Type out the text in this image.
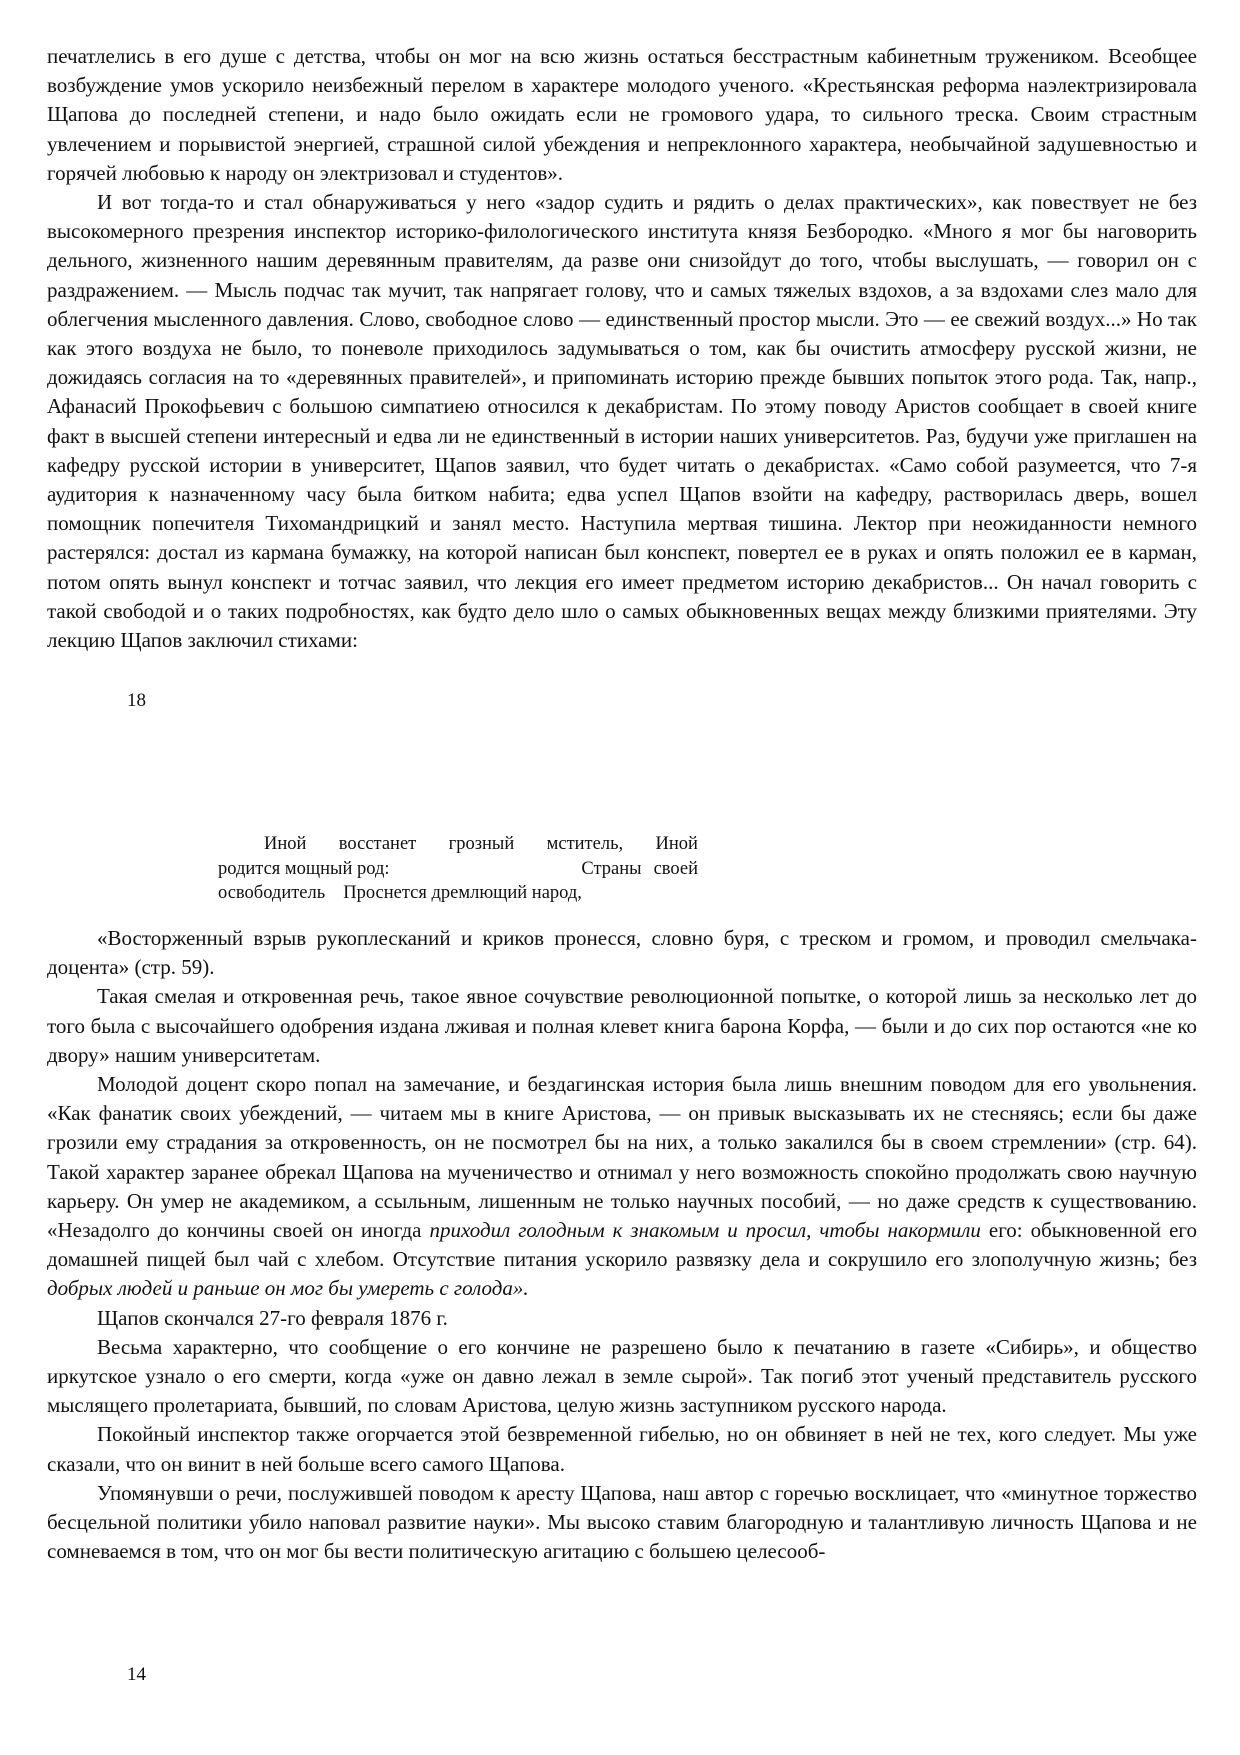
печатлелись в его душе с детства, чтобы он мог на всю жизнь остаться бесстрастным кабинетным тружеником. Всеобщее возбуждение умов ускорило неизбежный перелом в характере молодого ученого. «Крестьянская реформа наэлектризировала Щапова до последней степени, и надо было ожидать если не громового удара, то сильного треска. Своим страстным увлечением и порывистой энергией, страшной силой убеждения и непреклонного характера, необычайной задушевностью и горячей любовью к народу он электризовал и студентов».

И вот тогда-то и стал обнаруживаться у него «задор судить и рядить о делах практических», как повествует не без высокомерного презрения инспектор историко-филологического института князя Безбородко. «Много я мог бы наговорить дельного, жизненного нашим деревянным правителям, да разве они снизойдут до того, чтобы выслушать, — говорил он с раздражением. — Мысль подчас так мучит, так напрягает голову, что и самых тяжелых вздохов, а за вздохами слез мало для облегчения мысленного давления. Слово, свободное слово — единственный простор мысли. Это — ее свежий воздух...» Но так как этого воздуха не было, то поневоле приходилось задумываться о том, как бы очистить атмосферу русской жизни, не дожидаясь согласия на то «деревянных правителей», и припоминать историю прежде бывших попыток этого рода. Так, напр., Афанасий Прокофьевич с большою симпатиею относился к декабристам. По этому поводу Аристов сообщает в своей книге факт в высшей степени интересный и едва ли не единственный в истории наших университетов. Раз, будучи уже приглашен на кафедру русской истории в университет, Щапов заявил, что будет читать о декабристах. «Само собой разумеется, что 7-я аудитория к назначенному часу была битком набита; едва успел Щапов взойти на кафедру, растворилась дверь, вошел помощник попечителя Тихомандрицкий и занял место. Наступила мертвая тишина. Лектор при неожиданности немного растерялся: достал из кармана бумажку, на которой написан был конспект, повертел ее в руках и опять положил ее в карман, потом опять вынул конспект и тотчас заявил, что лекция его имеет предметом историю декабристов... Он начал говорить с такой свободой и о таких подробностях, как будто дело шло о самых обыкновенных вещах между близкими приятелями. Эту лекцию Щапов заключил стихами:

18
Иной восстанет грозный мститель, Иной
родится мощный род:	Страны своей
освободитель Проснется дремлющий народ,

«Восторженный взрыв рукоплесканий и криков пронесся, словно буря, с треском и громом, и проводил смельчака-доцента» (стр. 59).

Такая смелая и откровенная речь, такое явное сочувствие революционной попытке, о которой лишь за несколько лет до того была с высочайшего одобрения издана лживая и полная клевет книга барона Корфа, — были и до сих пор остаются «не ко двору» нашим университетам.

Молодой доцент скоро попал на замечание, и бездагинская история была лишь внешним поводом для его увольнения. «Как фанатик своих убеждений, — читаем мы в книге Аристова, — он привык высказывать их не стесняясь; если бы даже грозили ему страдания за откровенность, он не посмотрел бы на них, а только закалился бы в своем стремлении» (стр. 64). Такой характер заранее обрекал Щапова на мученичество и отнимал у него возможность спокойно продолжать свою научную карьеру. Он умер не академиком, а ссыльным, лишенным не только научных пособий, — но даже средств к существованию. «Незадолго до кончины своей он иногда приходил голодным к знакомым и просил, чтобы накормили его: обыкновенной его домашней пищей был чай с хлебом. Отсутствие питания ускорило развязку дела и сокрушило его злополучную жизнь; без добрых людей и раньше он мог бы умереть с голода».

Щапов скончался 27-го февраля 1876 г.

Весьма характерно, что сообщение о его кончине не разрешено было к печатанию в газете «Сибирь», и общество иркутское узнало о его смерти, когда «уже он давно лежал в земле сырой». Так погиб этот ученый представитель русского мыслящего пролетариата, бывший, по словам Аристова, целую жизнь заступником русского народа.

Покойный инспектор также огорчается этой безвременной гибелью, но он обвиняет в ней не тех, кого следует. Мы уже сказали, что он винит в ней больше всего самого Щапова.

Упомянувши о речи, послужившей поводом к аресту Щапова, наш автор с горечью восклицает, что «минутное торжество бесцельной политики убило наповал развитие науки». Мы высоко ставим благородную и талантливую личность Щапова и не сомневаемся в том, что он мог бы вести политическую агитацию с большею целесооб-

14
